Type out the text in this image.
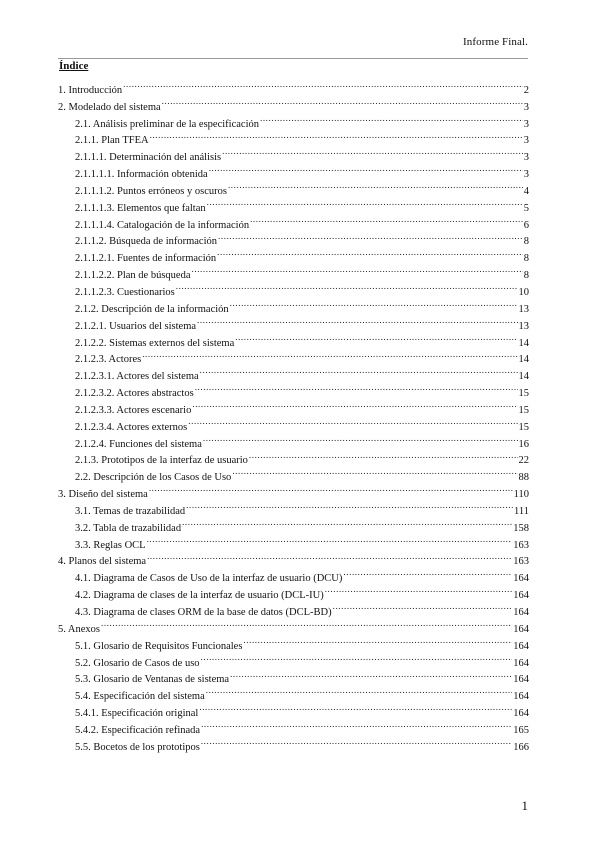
Informe Final.
Índice
1. Introducción .....	2
2. Modelado del sistema .....	3
2.1. Análisis preliminar de la especificación .....	3
2.1.1. Plan TFEA .....	3
2.1.1.1. Determinación del análisis .....	3
2.1.1.1.1. Información obtenida .....	3
2.1.1.1.2. Puntos erróneos y oscuros .....	4
2.1.1.1.3. Elementos que faltan .....	5
2.1.1.1.4. Catalogación de la información .....	6
2.1.1.2. Búsqueda de información .....	8
2.1.1.2.1. Fuentes de información .....	8
2.1.1.2.2. Plan de búsqueda .....	8
2.1.1.2.3. Cuestionarios .....	10
2.1.2. Descripción de la información .....	13
2.1.2.1. Usuarios del sistema .....	13
2.1.2.2. Sistemas externos del sistema .....	14
2.1.2.3. Actores .....	14
2.1.2.3.1. Actores del sistema .....	14
2.1.2.3.2. Actores abstractos .....	15
2.1.2.3.3. Actores escenario .....	15
2.1.2.3.4. Actores externos .....	15
2.1.2.4. Funciones del sistema .....	16
2.1.3. Prototipos de la interfaz de usuario .....	22
2.2. Descripción de los Casos de Uso .....	88
3. Diseño del sistema .....	110
3.1. Temas de trazabilidad .....	111
3.2. Tabla de trazabilidad .....	158
3.3. Reglas OCL .....	163
4. Planos del sistema .....	163
4.1. Diagrama de Casos de Uso de la interfaz de usuario (DCU) .....	164
4.2. Diagrama de clases de la interfaz de usuario (DCL-IU) .....	164
4.3. Diagrama de clases ORM de la base de datos (DCL-BD) .....	164
5. Anexos .....	164
5.1. Glosario de Requisitos Funcionales .....	164
5.2. Glosario de Casos de uso .....	164
5.3. Glosario de Ventanas de sistema .....	164
5.4. Especificación del sistema .....	164
5.4.1. Especificación original .....	164
5.4.2. Especificación refinada .....	165
5.5. Bocetos de los prototipos .....	166
1
